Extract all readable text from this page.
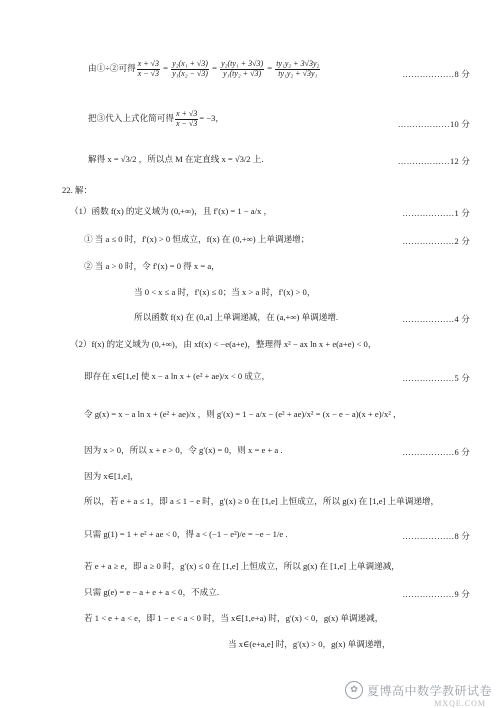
由①÷②可得 $\frac{x + √3}{x - √3} = \frac{\text{y₂(x₁ + √3)}}{\text{y₁(x₂ − √3)}} = \frac{\text{y₂(ty₁ + 3√3)}}{\text{y₁(ty₂ + √3)}} = \frac{\text{ty₁y₂ + 3√3y₂}}{\text{ty₁y₂ + √3y₁}}$	………………8 分
把③代入上式化简可得 $\frac{x + √3}{x - √3} = -3$，
………………10 分
解得 x = √3/2 ，所以点 M 在定直线 x = √3/2 上.	………………12 分
22. 解：
（1）函数 f(x) 的定义域为 (0,+∞)，且 f′(x) = 1 − a/x ，	………………1 分
① 当 a ≤ 0 时，f′(x) > 0 恒成立，f(x) 在 (0,+∞) 上单调递增；	………………2 分
② 当 a > 0 时，令 f′(x) = 0 得 x = a，
当 0 < x ≤ a 时，f′(x) ≤ 0；当 x > a 时，f′(x) > 0，
所以函数 f(x) 在 (0,a] 上单调递减，在 (a,+∞) 单调递增.	………………4 分
（2）f(x) 的定义域为 (0,+∞)，由 xf(x) < −e(a+e)，整理得 x² − ax ln x + e(a+e) < 0，
即存在 x∈[1,e] 使 x − a ln x + (e² + ae)/x < 0 成立，	………………5 分
令 g(x) = x − a ln x + (e² + ae)/x ，则 g′(x) = 1 − a/x − (e² + ae)/x² = (x − e − a)(x + e)/x² ，
因为 x > 0，所以 x + e > 0，令 g′(x) = 0，则 x = e + a .	………………6 分
因为 x∈[1,e]，
所以，若 e + a ≤ 1，即 a ≤ 1 − e 时，g′(x) ≥ 0 在 [1,e] 上恒成立，所以 g(x) 在 [1,e] 上单调递增，
只需 g(1) = 1 + e² + ae < 0，得 a < (−1 − e²)/e = −e − 1/e .	………………8 分
若 e + a ≥ e，即 a ≥ 0 时，g′(x) ≤ 0 在 [1,e] 上恒成立，所以 g(x) 在 [1,e] 上单调递减，
只需 g(e) = e − a + e + a < 0，不成立.	………………9 分
若 1 < e + a < e，即 1 − e < a < 0 时，当 x∈[1,e+a) 时，g′(x) < 0，g(x) 单调递减，
当 x∈(e+a,e] 时，g′(x) > 0，g(x) 单调递增，
✿ 夏博高中数学教研试卷
MXQE.COM
